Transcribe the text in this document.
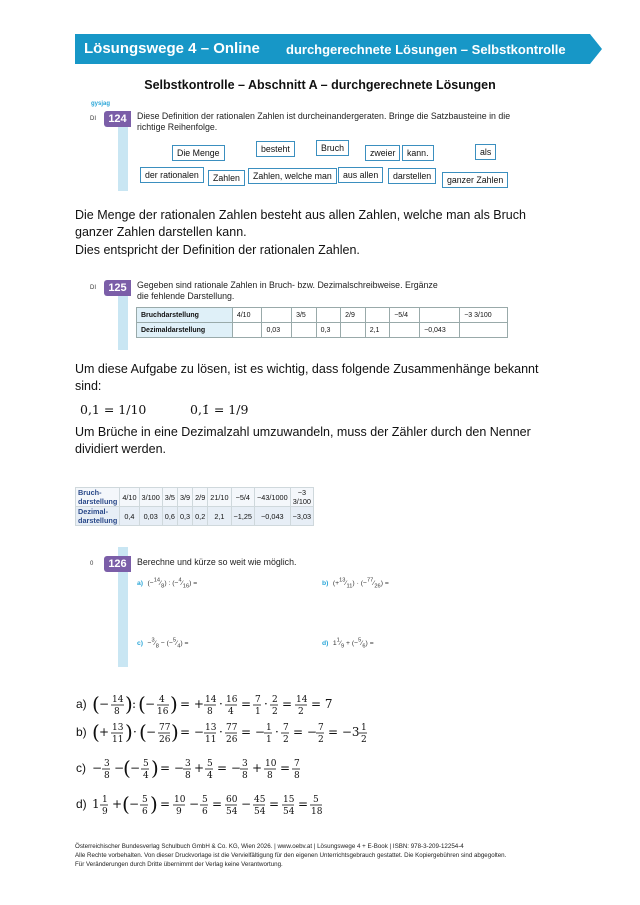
Lösungswege 4 – Online durchgerechnete Lösungen – Selbstkontrolle
Selbstkontrolle – Abschnitt A – durchgerechnete Lösungen
gysjag
DI	124	Diese Definition der rationalen Zahlen ist durcheinandergeraten. Bringe die Satzbausteine in die richtige Reihenfolge.
Die Menge	besteht	Bruch	zweier	kann.	als
der rationalen	Zahlen	Zahlen, welche man	aus allen	darstellen	ganzer Zahlen
Die Menge der rationalen Zahlen besteht aus allen Zahlen, welche man als Bruch
ganzer Zahlen darstellen kann.
Dies entspricht der Definition der rationalen Zahlen.
DI	125	Gegeben sind rationale Zahlen in Bruch- bzw. Dezimalschreibweise. Ergänze die fehlende Darstellung.
Bruchdarstellung	4/10		3/5		2/9		−5/4		−3 3/100
Dezimaldarstellung		0,03		0,3		2,1		−0,043	
Um diese Aufgabe zu lösen, ist es wichtig, dass folgende Zusammenhänge bekannt
sind:
0,1 = 1/10	0,1̇ = 1/9
Um Brüche in eine Dezimalzahl umzuwandeln, muss der Zähler durch den Nenner
dividiert werden.
Bruch-darstellung	4/10	3/100	3/5	3/9	2/9	21/10	−5/4	−43/1000	−3 3/100
Dezimal-darstellung	0,4	0,03	0,6	0,3	0,2	2,1	−1,25	−0,043	−3,03
0	126	Berechne und kürze so weit wie möglich.
a) $(-^{14}⁄_8)$ : $(-^4⁄_{16})$ =	b) $(+^{13}⁄_{11})$ · $(-^{77}⁄_{26})$ =
$c) -^3⁄_8$ − $(-^5⁄_4)$ =	d) $1^1⁄_9$ + $(-^5⁄_6)$ =
a) ( − 14
8 ) : ( − 4
16 ) = + 14
8
· 16
4
= 7
1
· 2
2
= 14
2
= 7
b) ( + 13
11 ) · ( − 77
26 ) = − 13
11
· 77
26
= − 1
1
· 7
2
= − 7
2
= −3 1
2
c) − 3
8
−
( − 5
4 ) = − 3
8
+ 5
4
= − 3
8
+ 10
8
= 7
8
d) 1 1
9
+ ( − 5
6 ) = 10
9
− 5
6
= 60
54
− 45
54
= 15
54
= 5
18
Österreichischer Bundesverlag Schulbuch GmbH & Co. KG, Wien 2026. | www.oebv.at | Lösungswege 4 + E-Book | ISBN: 978-3-209-12254-4
Alle Rechte vorbehalten. Von dieser Druckvorlage ist die Vervielfältigung für den eigenen Unterrichtsgebrauch gestattet. Die Kopiergebühren sind abgegolten.
Für Veränderungen durch Dritte übernimmt der Verlag keine Verantwortung.
